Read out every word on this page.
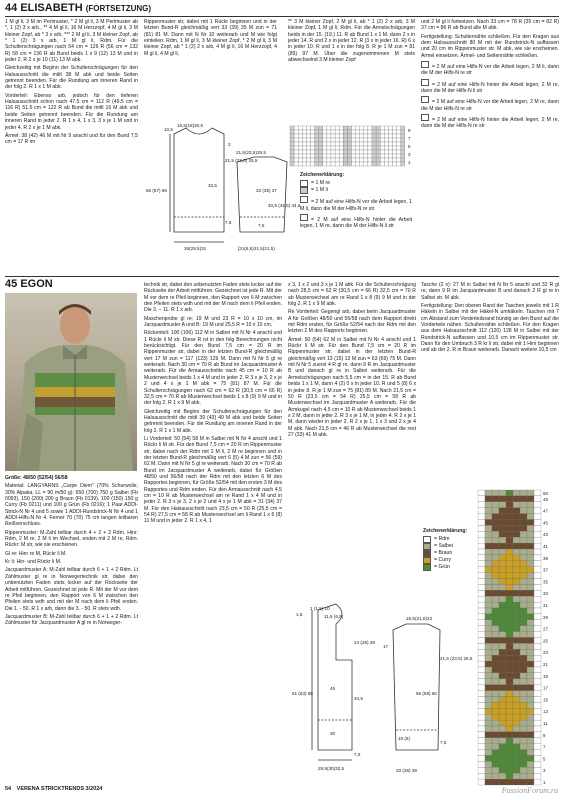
44 ELISABETH (FORTSETZUNG)

1 M gl li, 3 M im Perlmuster, * 2 M gl li, 3 M Perlmuster ab *, 1 (2) 3 x arb., ** 4 M gl li, 16 M Herzzopf, 4 M gl li, 3 M kleiner Zopf, ab * 3 x arb, *** 2 M gl li, 3 M kleiner Zopf, ab * 1 (2) 3 x arb, 1 M gl li, Rdm. Für die Schulterschrägungen nach 54 cm = 126 R (56 cm = 132 R) 58 cm = 136 R ab Bund beids 1 x 9 (12) 13 M und in jeder 2. R 2 x je 10 (11) 13 M abk.

Gleichzeitig mit Beginn der Schulterschrägungen für den Halsausschnitt die mittl 38 M abk und beide Seiten getrennt beenden. Für die Rundung am inneren Rand in der folg 2. R 1 x 1 M abk.

Vorderteil: Ebenso arb, jedoch für den tieferen Halsausschnitt schon nach 47.5 cm = 112 R (49.5 cm = 116 R) 51.5 cm = 122 R ab Bund die mittl 16 M abk und beide Seiten getrennt beenden. Für die Rundung am inneren Rand in jeder 2. R 1 x 4, 1 x 3, 3 x je 1 M und in jeder 4. R 2 x je 1 M abk.

Ärmel: 38 (42) 46 M mit Nr 9 anschl und für den Bund 7,5 cm = 17 R im

Rippenmuster str, dabei mit 1 Rückr beginnen und in der letzten Bund-R gleichmäßig vert 33 (39) 35 M zun = 71 (81) 81 M. Dann mit N Nr 10 weiterarb und M wie folgt einteilen: Rdm, 1 M gl li, 3 M kleiner Zopf, * 2 M gl li, 3 M kleiner Zopf, ab * 1 (2) 2 x arb, 4 M gl li, 16 M Herzzopf, 4 M gl li, 4 M gl li,

15,5(18)20,5
10,5
2
21,5 (23,5) 25,5
7,5
32,5
56 (57) 59	33 (35) 37
7,5
40,5 (42,5) 44,5
26(28,5)31	[31(6,5)21,5(21,5)
21,5(23,5)25,5

** 3 M kleiner Zopf, 2 M gl li, ab * 1 (2) 2 x arb, 3 M kleiner Zopf, 1 M gl li, Rdm. Für die Armelschrägungen beids in der 15. (19.) 11. R ab Bund 1 x 1 M, dann 2 x in jeder 14. R und 2 x in jeder 12. R (3 x in jeder 16. R) 6 x in jeder 10. R und 1 x in der folg 8. R je 1 M zun = 81 (89) 97 M. Über die zugenommenen M stets abwechselnd 3 M kleiner Zopf

9
7
5
3
1

Zeichenerklärung:

= 1 M re
= 1 M li

= 2 M auf eine Hilfs-N vor die Arbeit legen, 1 M li, dann die M der Hilfs-N re str

= 2 M auf eine Hilfs-N hinter die Arbeit legen, 1 M re, dann die M der Hilfs-N li str

und 2 M gl li fortsetzen. Nach 33 cm = 78 R (35 cm = 82 R) 37 cm = 86 R ab Bund alle M abk.

Fertigstellung: Schulternähte schließen. Für den Kragen aus dem Halsausschnitt 80 M mit der Rundstrick-N auffassen und 20 cm im Rippenmuster str. M abk, wie sie erscheinen. Armel einsetzen. Ärmel- und Seitennähte schließen.

= 2 M auf eine Hilfs-N vor die Arbeit legen, 2 M li, dann die M der Hilfs-N re str

= 2 M auf eine Hilfs-N hinter die Arbeit legen, 2 M re, dann die M der Hilfs-N li str

= 2 M auf eine Hilfs-N vor die Arbeit legen, 2 M re, dann die M der Hilfs-N re str

= 2 M auf eine Hilfs-N hinter die Arbeit legen, 2 M re, dann die M der Hilfs-N re str

45 EGON

Größe: 48/50 (52/54) 56/58

Material: LANGYARNS „Carpe Diem" (70% Schurwolle, 30% Alpaka, LL = 90 m/50 g): 650 (700) 750 g Salbei (Fb 0093), 150 (200) 200 g Braun (Fb 0139), 100 (150) 150 g Curry (Fb 0211) und 100 g Grün (Fb 0216); 1 Paar ADDI-Strick-N Nr 4 und 5 sowie 1 ADDI-Rundstrick-N Nr 4 und 1 ADDI-Hilfs-N Nr 4. Ferner 70 (70) 75 cm langen teilbaren Reißverschluss.

Rippenmuster: M-Zahl teilbar durch 4 + 2 + 2 Rdm. Hinr: Rdm, 2 M re, 2 M li im Wechsel, enden mit 2 M re, Rdm. Rückr: M str, wie sie erscheinen.

Gl re: Hinr re M, Rückr li M.

Kr li: Hin- und Rückr li M.

Jacquardmuster A: M-Zahl teilbar durch 6 + 1 + 2 Rdm. Lt Zählmuster gl re in Norwegertechnik str, dabei den unbenutzten Faden stets locker auf der Rückseite der Arbeit mitführen. Gezeichnet ist jede R. Mit der M vor dem re Pfeil beginnen, den Rapport von 6 M zwischen den Pfeilen stets wdh und mit der M nach dem li Pfeil enden. Die 1. - 50. R 1 x arb, dann die 3. - 50. R stets wdh.

Jacquardmuster B: M-Zahl teilbar durch 6 + 1 + 2 Rdm. Lt Zählmuster für Jacquardmuster A gl re in Norweger-

technik str, dabei den unbenutzten Faden stets locker auf der Rückseite der Arbeit mitführen. Gezeichnet ist jede R. Mit der M vor dem re Pfeil beginnen, den Rapport von 6 M zwischen den Pfeilen stets wdh und mit der M nach dem li Pfeil enden. Die 3. – 11. R 1 x arb.

Maschenprobe gl re: 19 M und 23 R = 10 x 10 cm, im Jacquardmuster A und B: 19 M und 25,5 R = 10 x 10 cm.

Rückenteil: 100 (106) 112 M in Salbei mit N Nr 4 anschl und 1 Rückr li M str. Diese R ist in den folg Berechnungen nicht berücksichtigt. Für den Bund 7,5 cm = 20 R im Rippenmuster str, dabei in der letzten Bund-R gleichmäßig vert 17 M zun = 117 (123) 129 M. Dann mit N Nr 5 gl re weiterarb. Nach 30 cm = 70 R ab Bund im Jacquardmuster A weiterarb. Für die Armausschnitte nach 45 cm = 10 R ab Musterwechsel beids 1 x 4 M und in jeder 2. R 3 x je 3, 2 x je 2 und 4 x je 1 M abk = 75 (81) 87 M. Für die Schulterschrägungen nach 62 cm = 62 R (30,5 cm = 66 R) 32,5 cm = 70 R ab Musterwechsel beids 1 x 8 (9) 9 M und in der folg 2. R 1 x 9 M abk.

Gleichzeitig mit Beginn der Schulterschrägungen für den Halsausschnitt die mittl 39 (43) 49 M abk und beide Seiten getrennt beenden. Für die Rundung am inneren Rand in der folg 2. R 1 x 1 M abk.

Li Vorderteil: 50 (54) 58 M in Salbei mit N Nr 4 anschl und 1 Rückr li M str. Für den Bund 7,5 cm = 20 R im Rippenmuster str, dabei nach der Rdm mit 2 M li, 2 M re beginnen und in der letzten Bund-R gleichmäßig vert 6 (5) 4 M zun = 56 (59) 62 M. Dann mit N Nr 5 gl re weiterarb. Nach 30 cm = 70 R ab Bund im Jacquardmuster A weiterarb, dabei für Größen 48/50 und 56/58 nach der Rdm mit den letzten 6 M des Rapportes beginnen, für Größe 52/54 mit den ersten 3 M des Rapportes und Rdm enden. Für den Armausschnitt nach 4,5 cm = 10 R ab Musterwechsel am re Rand 1 x 4 M und in jeder 2. R 3 x je 3, 2 x je 2 und 4 x je 1 M abk = 31 (34) 37 M. Für den Halsausschnitt nach 23,5 cm = 50 R (25,5 cm = 54 R) 27,5 cm = 58 R ab Musterwechsel am li Rand 1 x 6 (8) 11 M und in jeder 2. R 1 x 4, 1

x 3, 1 x 2 und 3 x je 1 M abk. Für die Schulterschrägung nach 28,5 cm = 62 R (30,5 cm = 66 R) 32,5 cm = 70 R ab Musterwechsel am re Rand 1 x 8 (9) 9 M und in der folg 2. R 1 x 9 M abk.

Re Vorderteil: Gegengl arb, dabei beim Jacquardmuster A für Größen 48/50 und 56/58 nach dem Rapport direkt mit Rdm enden, für Größe 52/54 nach der Rdm mit den letzten 2 M des Rapports beginnen.

Ärmel: 50 (54) 62 M in Salbei mit N Nr 4 anschl und 1 Rückr li M str. Für den Bund 7,5 cm = 20 R im Rippenmuster str, dabei in der letzten Bund-R gleichmäßig vert 13 (15) 13 M zun = 63 (69) 75 M. Dann mit N Nr 5 zuerst 4 R gl re, dann 9 R im Jacquardmuster B und danach gl re in Salbei weiterarb. Für die Armelschrägungen nach 5,5 cm = in der 15. R ab Bund beids 1 x 1 M, dann 4 (2) 0 x in jeder 10. R und 5 (8) 6 x in jeder 8. R je 1 M zun = 75 (81) 89 M. Nach 21,5 cm = 50 R (23,5 cm = 54 R) 25,5 cm = 58 R ab Musterwechsel im Jacquardmuster A weiterarb. Für die Armkugel nach 4,5 cm = 10 R ab Musterwechsel beids 1 x 2 M, dann in jeder 2. R 3 x je 1 M, in jeder 4. R 2 x je 1 M, dann wieder in jeder 2. R 2 x je 1, 1 x 3 und 2 x je 4 M abk. Nach 21,5 cm = 46 R ab Musterwechsel die rest 27 (33) 41 M abk.

Tasche (2 x): 27 M in Salbei mit N Nr 5 anschl und 32 R gl re, dann 9 R im Jacquardmuster B und danach 2 R gl re in Salbei str. M abk.

Fertigstellung: Den oberen Rand der Taschen jeweils mit 1 R Häkeln in Salbei mit der Häkel-N umhäkeln. Taschen mit 7 cm Abstand zum Vorderteilsrand bündig an den Bund auf die Vorderteile nähen. Schulternähte schließen. Für den Kragen aus dem Halsausschnitt 112 (120) 128 M in Salbei mit der Rundstrick-N auffassen und 10,5 cm im Rippenmuster str. Dann für den Umbruch 3 R kr li str, dabei mit 1 Hinr beginnen und ab der 2. R in Braun weiterarb. Danach weitere 10,5 cm

1 (1,5) 10
1,5	11,5 (6,5)
24 (26) 28
61 (63) 65
45
30
34,5
7,5
29,5(30)32,5
17
56 (58) 60
21,5 (23,5) 25,5
16,5(21,5)23
18 (6)
33 (36) 39
7,5

Zeichenerklärung:

= Rdm
= Salbei
= Braun
= Curry
= Grün
50
49
47
45
43
41
39
37
35
33
31
29
27
25
23
21
19
17
15
13
11
9
7
5
3
1
54 VERENA STRICKTRENDS 3/2024	PassionForum.ru
